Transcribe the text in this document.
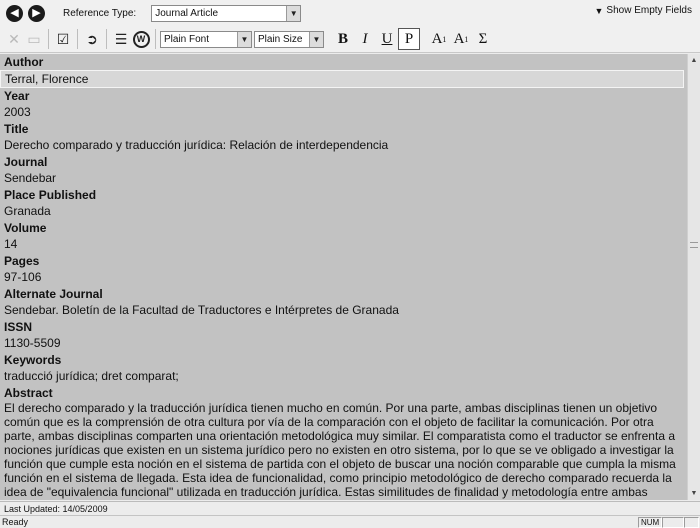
◀	▶	Reference Type:	Journal Article	▼	▼ Show Empty Fields
✕ ▭ ☑ ➲ ☰	W	Plain Font	▼ Plain Size	▼	B I U P	A 1 A 1 Σ
Author
Terral, Florence
Year
2003
Title
Derecho comparado y traducción jurídica: Relación de interdependencia
Journal
Sendebar
Place Published
Granada
Volume
14
Pages
97-106
Alternate Journal
Sendebar. Boletín de la Facultad de Traductores e Intérpretes de Granada
ISSN
1130-5509
Keywords
traducció jurídica; dret comparat;
Abstract
El derecho comparado y la traducción jurídica tienen mucho en común. Por una parte, ambas disciplinas tienen un objetivo común que es la comprensión de otra cultura por vía de la comparación con el objeto de facilitar la comunicación. Por otra parte, ambas disciplinas comparten una orientación metodológica muy similar. El comparatista como el traductor se enfrenta a nociones jurídicas que existen en un sistema jurídico pero no existen en otro sistema, por lo que se ve obligado a investigar la función que cumple esta noción en el sistema de partida con el objeto de buscar una noción comparable que cumpla la misma función en el sistema de llegada. Esta idea de funcionalidad, como principio metodológico de derecho comparado recuerda la idea de "equivalencia funcional" utilizada en traducción jurídica. Estas similitudes de finalidad y metodología entre ambas
▲
▼
Last Updated: 14/05/2009
Ready	NUM
